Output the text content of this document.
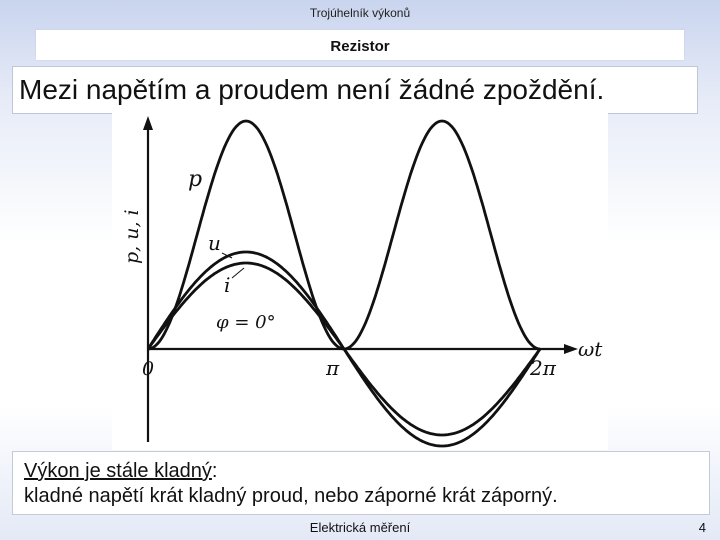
Trojúhelník výkonů
Rezistor
Mezi napětím a proudem není žádné zpoždění.
p, u, i
ωt
0	π	2π
p
u
i
φ = 0°
Výkon je stále kladný:
kladné napětí krát kladný proud, nebo záporné krát záporný.
Elektrická měření	4
